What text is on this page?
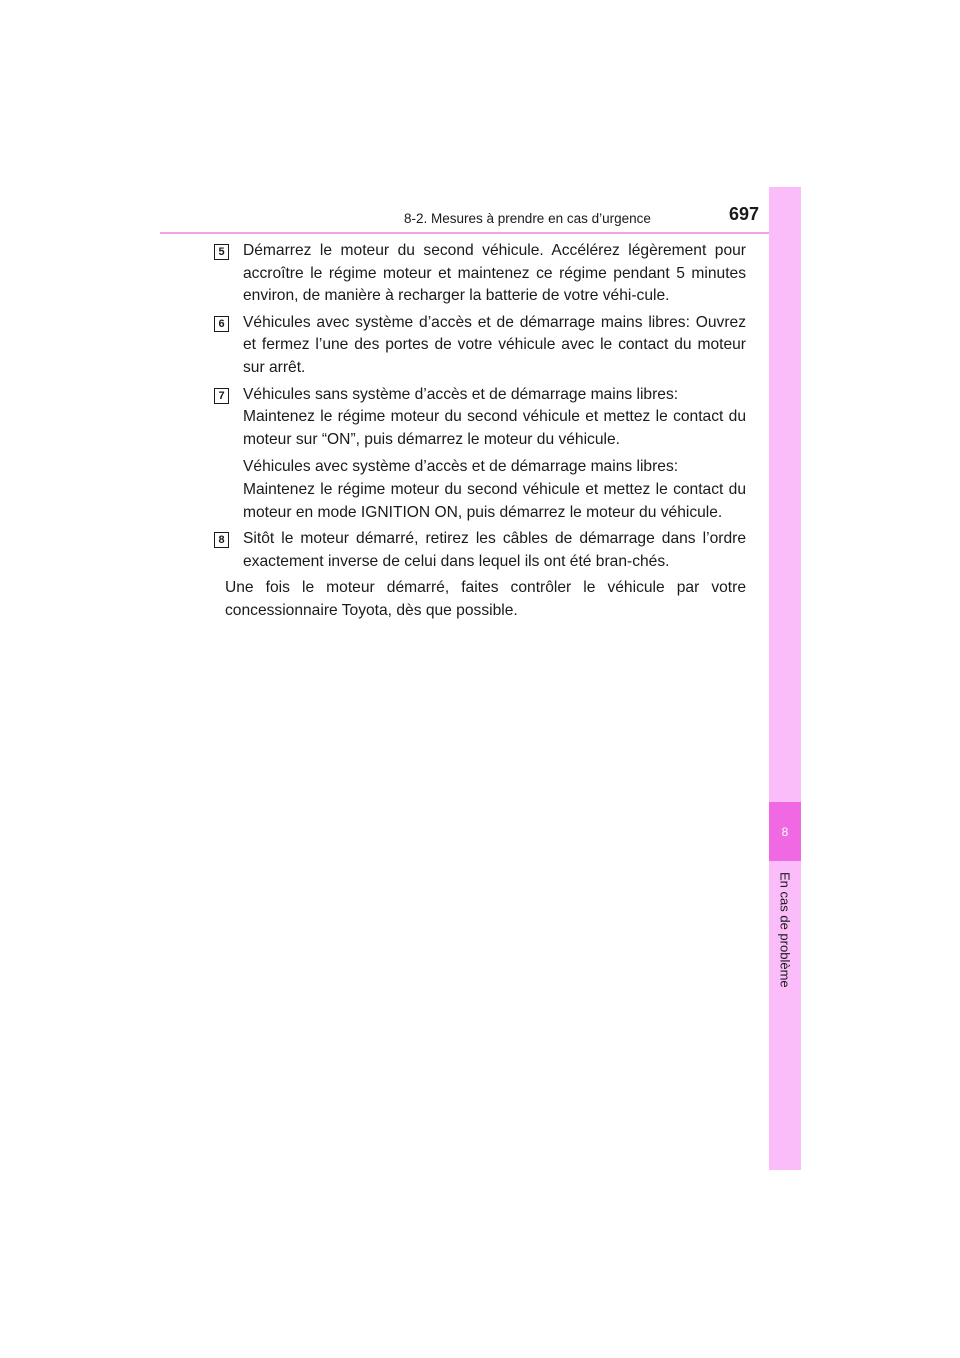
8-2. Mesures à prendre en cas d’urgence	697
8
En cas de problème
5 Démarrez le moteur du second véhicule. Accélérez légèrement pour accroître le régime moteur et maintenez ce régime pendant 5 minutes environ, de manière à recharger la batterie de votre véhi-cule.

6 Véhicules avec système d’accès et de démarrage mains libres: Ouvrez et fermez l’une des portes de votre véhicule avec le contact du moteur sur arrêt.

7 Véhicules sans système d’accès et de démarrage mains libres:

Maintenez le régime moteur du second véhicule et mettez le contact du moteur sur “ON”, puis démarrez le moteur du véhicule.

Véhicules avec système d’accès et de démarrage mains libres:

Maintenez le régime moteur du second véhicule et mettez le contact du moteur en mode IGNITION ON, puis démarrez le moteur du véhicule.

8 Sitôt le moteur démarré, retirez les câbles de démarrage dans l’ordre exactement inverse de celui dans lequel ils ont été bran-chés.

Une fois le moteur démarré, faites contrôler le véhicule par votre concessionnaire Toyota, dès que possible.
